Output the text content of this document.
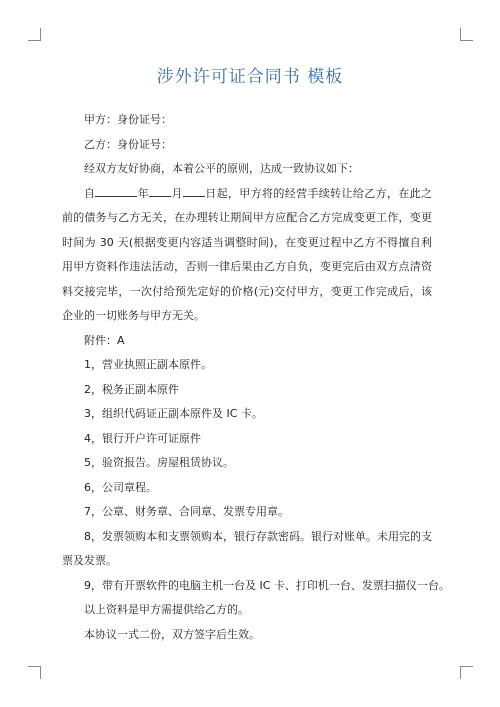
涉外许可证合同书 模板

甲方：身份证号：

乙方：身份证号：

经双方友好协商，本着公平的原则，达成一致协议如下：

自	年 月 日起，甲方将的经营手续转让给乙方，在此之前的债务与乙方无关，在办理转让期间甲方应配合乙方完成变更工作，变更时间为 30 天(根据变更内容适当调整时间)，在变更过程中乙方不得擅自利用甲方资料作违法活动，否则一律后果由乙方自负，变更完后由双方点清资料交接完毕，一次付给预先定好的价格(元)交付甲方，变更工作完成后，该企业的一切账务与甲方无关。

附件：A

1，营业执照正副本原件。

2，税务正副本原件

3，组织代码证正副本原件及 IC 卡。

4，银行开户许可证原件

5，验资报告。房屋租赁协议。

6，公司章程。

7，公章、财务章、合同章、发票专用章。

8，发票领购本和支票领购本，银行存款密码。银行对账单。未用完的支票及发票。

9，带有开票软件的电脑主机一台及 IC 卡、打印机一台、发票扫描仪一台。

以上资料是甲方需提供给乙方的。

本协议一式二份，双方签字后生效。
